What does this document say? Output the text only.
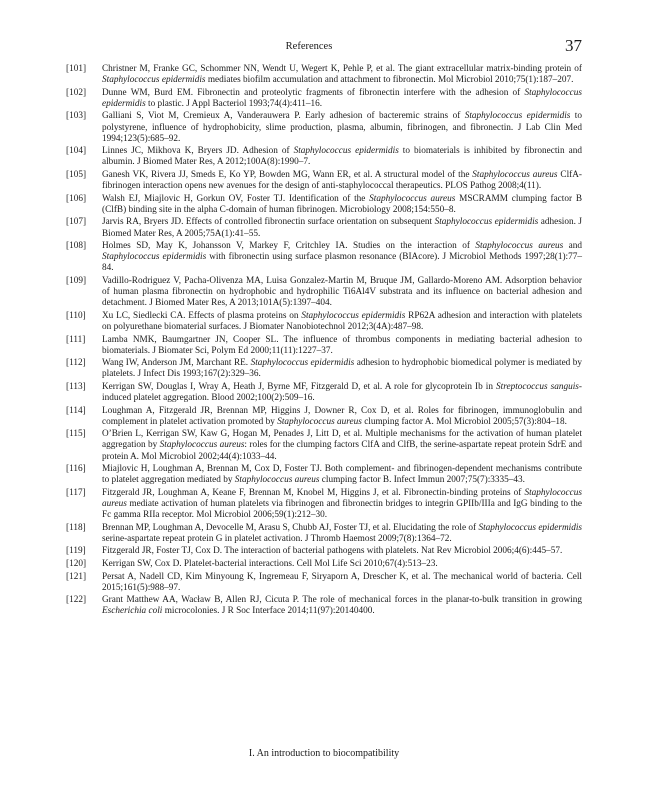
References	37
[101]	Christner M, Franke GC, Schommer NN, Wendt U, Wegert K, Pehle P, et al. The giant extracellular matrix-binding protein of Staphylococcus epidermidis mediates biofilm accumulation and attachment to fibronectin. Mol Microbiol 2010;75(1):187–207.
[102]	Dunne WM, Burd EM. Fibronectin and proteolytic fragments of fibronectin interfere with the adhesion of Staphylococcus epidermidis to plastic. J Appl Bacteriol 1993;74(4):411–16.
[103]	Galliani S, Viot M, Cremieux A, Vanderauwera P. Early adhesion of bacteremic strains of Staphylococcus epidermidis to polystyrene, influence of hydrophobicity, slime production, plasma, albumin, fibrinogen, and fibronectin. J Lab Clin Med 1994;123(5):685–92.
[104]	Linnes JC, Mikhova K, Bryers JD. Adhesion of Staphylococcus epidermidis to biomaterials is inhibited by fibronectin and albumin. J Biomed Mater Res, A 2012;100A(8):1990–7.
[105]	Ganesh VK, Rivera JJ, Smeds E, Ko YP, Bowden MG, Wann ER, et al. A structural model of the Staphylococcus aureus ClfA-fibrinogen interaction opens new avenues for the design of anti-staphylococcal therapeutics. PLOS Pathog 2008;4(11).
[106]	Walsh EJ, Miajlovic H, Gorkun OV, Foster TJ. Identification of the Staphylococcus aureus MSCRAMM clumping factor B (ClfB) binding site in the alpha C-domain of human fibrinogen. Microbiology 2008;154:550–8.
[107]	Jarvis RA, Bryers JD. Effects of controlled fibronectin surface orientation on subsequent Staphylococcus epidermidis adhesion. J Biomed Mater Res, A 2005;75A(1):41–55.
[108]	Holmes SD, May K, Johansson V, Markey F, Critchley IA. Studies on the interaction of Staphylococcus aureus and Staphylococcus epidermidis with fibronectin using surface plasmon resonance (BIAcore). J Microbiol Methods 1997;28(1):77–84.
[109]	Vadillo-Rodriguez V, Pacha-Olivenza MA, Luisa Gonzalez-Martin M, Bruque JM, Gallardo-Moreno AM. Adsorption behavior of human plasma fibronectin on hydrophobic and hydrophilic Ti6Al4V substrata and its influence on bacterial adhesion and detachment. J Biomed Mater Res, A 2013;101A(5):1397–404.
[110]	Xu LC, Siedlecki CA. Effects of plasma proteins on Staphylococcus epidermidis RP62A adhesion and interaction with platelets on polyurethane biomaterial surfaces. J Biomater Nanobiotechnol 2012;3(4A):487–98.
[111]	Lamba NMK, Baumgartner JN, Cooper SL. The influence of thrombus components in mediating bacterial adhesion to biomaterials. J Biomater Sci, Polym Ed 2000;11(11):1227–37.
[112]	Wang IW, Anderson JM, Marchant RE. Staphylococcus epidermidis adhesion to hydrophobic biomedical polymer is mediated by platelets. J Infect Dis 1993;167(2):329–36.
[113]	Kerrigan SW, Douglas I, Wray A, Heath J, Byrne MF, Fitzgerald D, et al. A role for glycoprotein Ib in Streptococcus sanguis-induced platelet aggregation. Blood 2002;100(2):509–16.
[114]	Loughman A, Fitzgerald JR, Brennan MP, Higgins J, Downer R, Cox D, et al. Roles for fibrinogen, immunoglobulin and complement in platelet activation promoted by Staphylococcus aureus clumping factor A. Mol Microbiol 2005;57(3):804–18.
[115]	O’Brien L, Kerrigan SW, Kaw G, Hogan M, Penades J, Litt D, et al. Multiple mechanisms for the activation of human platelet aggregation by Staphylococcus aureus: roles for the clumping factors ClfA and ClfB, the serine-aspartate repeat protein SdrE and protein A. Mol Microbiol 2002;44(4):1033–44.
[116]	Miajlovic H, Loughman A, Brennan M, Cox D, Foster TJ. Both complement- and fibrinogen-dependent mechanisms contribute to platelet aggregation mediated by Staphylococcus aureus clumping factor B. Infect Immun 2007;75(7):3335–43.
[117]	Fitzgerald JR, Loughman A, Keane F, Brennan M, Knobel M, Higgins J, et al. Fibronectin-binding proteins of Staphylococcus aureus mediate activation of human platelets via fibrinogen and fibronectin bridges to integrin GPIIb/IIIa and IgG binding to the Fc gamma RIIa receptor. Mol Microbiol 2006;59(1):212–30.
[118]	Brennan MP, Loughman A, Devocelle M, Arasu S, Chubb AJ, Foster TJ, et al. Elucidating the role of Staphylococcus epidermidis serine-aspartate repeat protein G in platelet activation. J Thromb Haemost 2009;7(8):1364–72.
[119]	Fitzgerald JR, Foster TJ, Cox D. The interaction of bacterial pathogens with platelets. Nat Rev Microbiol 2006;4(6):445–57.
[120]	Kerrigan SW, Cox D. Platelet-bacterial interactions. Cell Mol Life Sci 2010;67(4):513–23.
[121]	Persat A, Nadell CD, Kim Minyoung K, Ingremeau F, Siryaporn A, Drescher K, et al. The mechanical world of bacteria. Cell 2015;161(5):988–97.
[122]	Grant Matthew AA, Wacław B, Allen RJ, Cicuta P. The role of mechanical forces in the planar-to-bulk transition in growing Escherichia coli microcolonies. J R Soc Interface 2014;11(97):20140400.
I. An introduction to biocompatibility
